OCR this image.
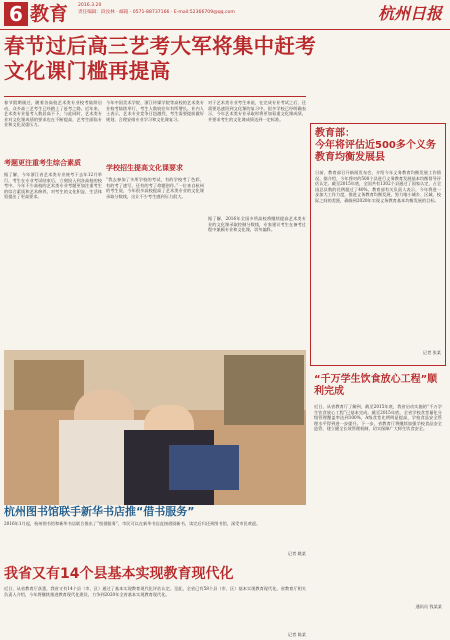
6 教育 2016.3.20
责任编辑：段汝林 · 邮箱 · 0571-88737166 · E-mail:52366709@qq.com	杭州日报
春节过后高三艺考大军将集中赶考
文化课门槛再提高
春节假期刚过，随着各高校艺术类专业校考陆续启动，众多高三艺考生已经踏上了赶考之路。近年来，艺术类专业报考人数居高不下，与此同时，艺术类专业对文化课成绩的要求也在不断提高，艺考生面临专业和文化双重压力。
考题更注重考生综合素质
据了解，今年浙江省艺术类专业统考于去年12月举行，考生在专业考试结束后，立刻投入到各高校的校考中。今年不少高校的艺术类专业考题更加注重考生的综合素质和艺术修养，对考生的文化积淀、生活体验提出了更高要求。
今年中国美术学院、浙江传媒学院等高校的艺术类专业校考陆续举行，考生人数较往年有所增长。业内人士表示，艺术专业竞争日趋激烈，考生需要提前做好规划，合理安排专业学习和文化课复习。
学校招生提高文化课要求
“我去参加了多所学校的考试，有的学校考了色彩，有的考了速写，还有的考了命题创作。”一位来自杭州的考生说，今年很多高校提高了艺术类专业的文化课录取分数线，这让不少考生感到压力很大。
对于艺术类专业考生来说，在完成专业考试之后，还需要迅速回到文化课的复习中。很多学校已经明确表示，今年艺术类专业录取时将更加看重文化课成绩，并要求考生的文化课成绩达到一定标准。
据了解，2016年全国多所高校将继续提高艺术类专业的文化课录取控制分数线，专家建议考生在备考过程中兼顾专业和文化课，切勿偏科。
教育部：
今年将评估近500多个义务教育均衡发展县
日前，教育部召开新闻发布会，介绍今年义务教育均衡发展工作情况。据介绍，今年将对约500个县进行义务教育发展基本均衡督导评估认定。截至2015年底，全国共有1302个县通过了国家认定，占全国总县数的比例超过了40%。教育部有关负责人表示，今年将进一步加大工作力度，推进义务教育均衡发展，努力缩小城乡、区域、校际之间的差距，确保到2020年实现义务教育基本均衡发展的目标。
记者 张某
“千万学生饮食放心工程”顺利完成
近日，从省教育厅了解到，截至2015年底，我省启动实施的“千万学生饮食放心工程”已基本完成。截至2015年底，全省学校食堂量化分级管理覆盖率达到100%，A级食堂比例明显提高，学校食品安全管理水平得到进一步提升。下一步，省教育厅将继续加强学校食品安全监管，建立健全长效管理机制，切实保障广大师生饮食安全。
通讯员 钱某某
杭州图书馆联手新华书店推“借书服务”
2016年1月起，杭州图书馆和新华书店联合推出了“悦借服务”，市民可以在新华书店直接借阅新书，读完后归还到图书馆，深受市民欢迎。
记者 姚某
我省又有14个县基本实现教育现代化
近日，从省教育厅获悉，我省又有14个县（市、区）通过了基本实现教育现代化评估认定。至此，全省已有58个县（市、区）基本实现教育现代化。省教育厅相关负责人介绍，今年将继续推进教育现代化建设，力争到2020年全省基本实现教育现代化。
记者 陈某
